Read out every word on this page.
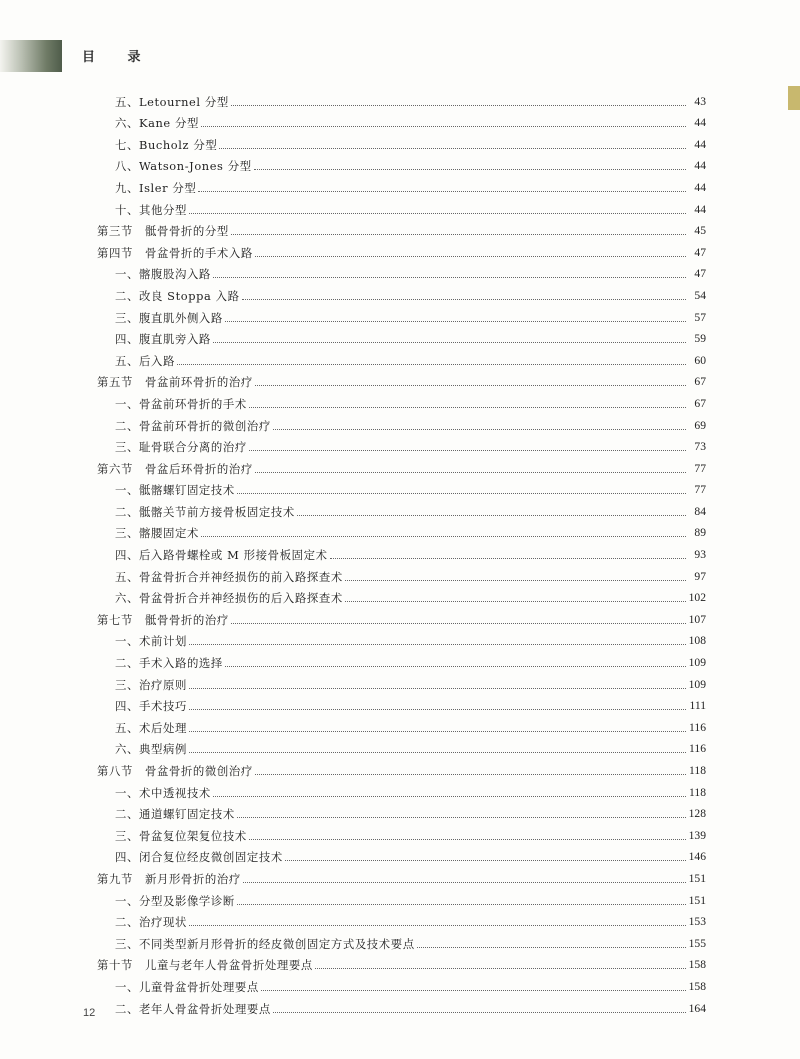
目 录
五、Letournel 分型	43
六、Kane 分型	44
七、Bucholz 分型	44
八、Watson-Jones 分型	44
九、Isler 分型	44
十、其他分型	44
第三节　骶骨骨折的分型	45
第四节　骨盆骨折的手术入路	47
一、髂腹股沟入路	47
二、改良 Stoppa 入路	54
三、腹直肌外侧入路	57
四、腹直肌旁入路	59
五、后入路	60
第五节　骨盆前环骨折的治疗	67
一、骨盆前环骨折的手术	67
二、骨盆前环骨折的微创治疗	69
三、耻骨联合分离的治疗	73
第六节　骨盆后环骨折的治疗	77
一、骶髂螺钉固定技术	77
二、骶髂关节前方接骨板固定技术	84
三、髂腰固定术	89
四、后入路骨螺栓或 M 形接骨板固定术	93
五、骨盆骨折合并神经损伤的前入路探查术	97
六、骨盆骨折合并神经损伤的后入路探查术	102
第七节　骶骨骨折的治疗	107
一、术前计划	108
二、手术入路的选择	109
三、治疗原则	109
四、手术技巧	111
五、术后处理	116
六、典型病例	116
第八节　骨盆骨折的微创治疗	118
一、术中透视技术	118
二、通道螺钉固定技术	128
三、骨盆复位架复位技术	139
四、闭合复位经皮微创固定技术	146
第九节　新月形骨折的治疗	151
一、分型及影像学诊断	151
二、治疗现状	153
三、不同类型新月形骨折的经皮微创固定方式及技术要点	155
第十节　儿童与老年人骨盆骨折处理要点	158
一、儿童骨盆骨折处理要点	158
二、老年人骨盆骨折处理要点	164
12
